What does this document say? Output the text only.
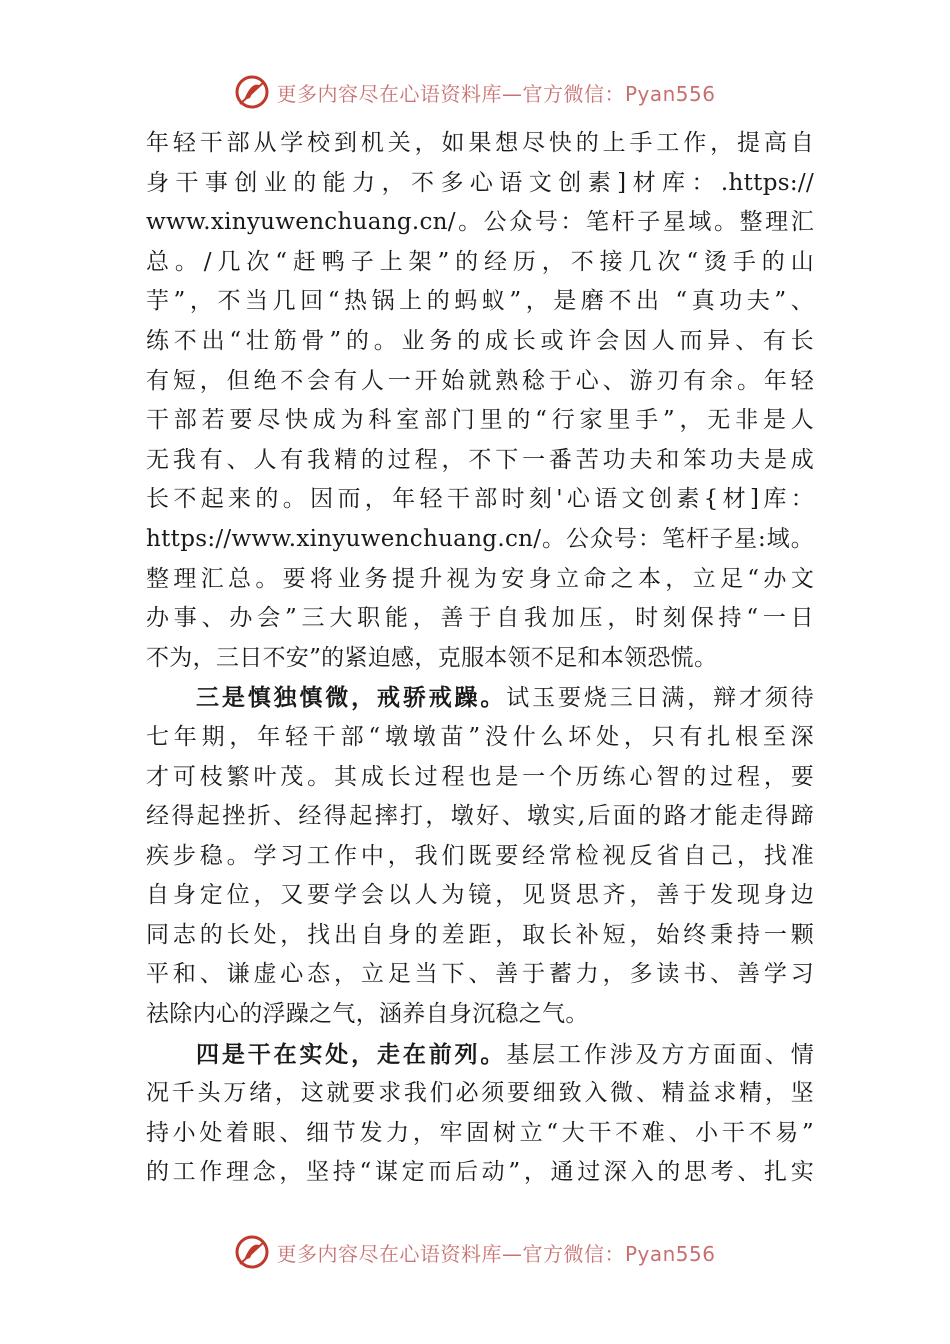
更多内容尽在心语资料库—官方微信：Pyan556
年轻干部从学校到机关，如果想尽快的上手工作，提高自
身干事创业的能力，不多心语文创素]材库：.https://
www.xinyuwenchuang.cn/。公众号：笔杆子星域。整理汇
总。/几次“赶鸭子上架”的经历，不接几次“烫手的山
芋”，不当几回“热锅上的蚂蚁”，是磨不出 “真功夫”、
练不出“壮筋骨”的。业务的成长或许会因人而异、有长
有短，但绝不会有人一开始就熟稔于心、游刃有余。年轻
干部若要尽快成为科室部门里的“行家里手”，无非是人
无我有、人有我精的过程，不下一番苦功夫和笨功夫是成
长不起来的。因而，年轻干部时刻'心语文创素{材]库：
https://www.xinyuwenchuang.cn/。公众号：笔杆子星:域。
整理汇总。要将业务提升视为安身立命之本，立足“办文
办事、办会”三大职能，善于自我加压，时刻保持“一日
不为，三日不安”的紧迫感，克服本领不足和本领恐慌。
三是慎独慎微，戒骄戒躁。试玉要烧三日满，辩才须待
七年期，年轻干部“墩墩苗”没什么坏处，只有扎根至深
才可枝繁叶茂。其成长过程也是一个历练心智的过程，要
经得起挫折、经得起摔打，墩好、墩实,后面的路才能走得蹄
疾步稳。学习工作中，我们既要经常检视反省自己，找准
自身定位，又要学会以人为镜，见贤思齐，善于发现身边
同志的长处，找出自身的差距，取长补短，始终秉持一颗
平和、谦虚心态，立足当下、善于蓄力，多读书、善学习
祛除内心的浮躁之气，涵养自身沉稳之气。
四是干在实处，走在前列。基层工作涉及方方面面、情
况千头万绪，这就要求我们必须要细致入微、精益求精，坚
持小处着眼、细节发力，牢固树立“大干不难、小干不易”
的工作理念，坚持“谋定而后动”，通过深入的思考、扎实
更多内容尽在心语资料库—官方微信：Pyan556
